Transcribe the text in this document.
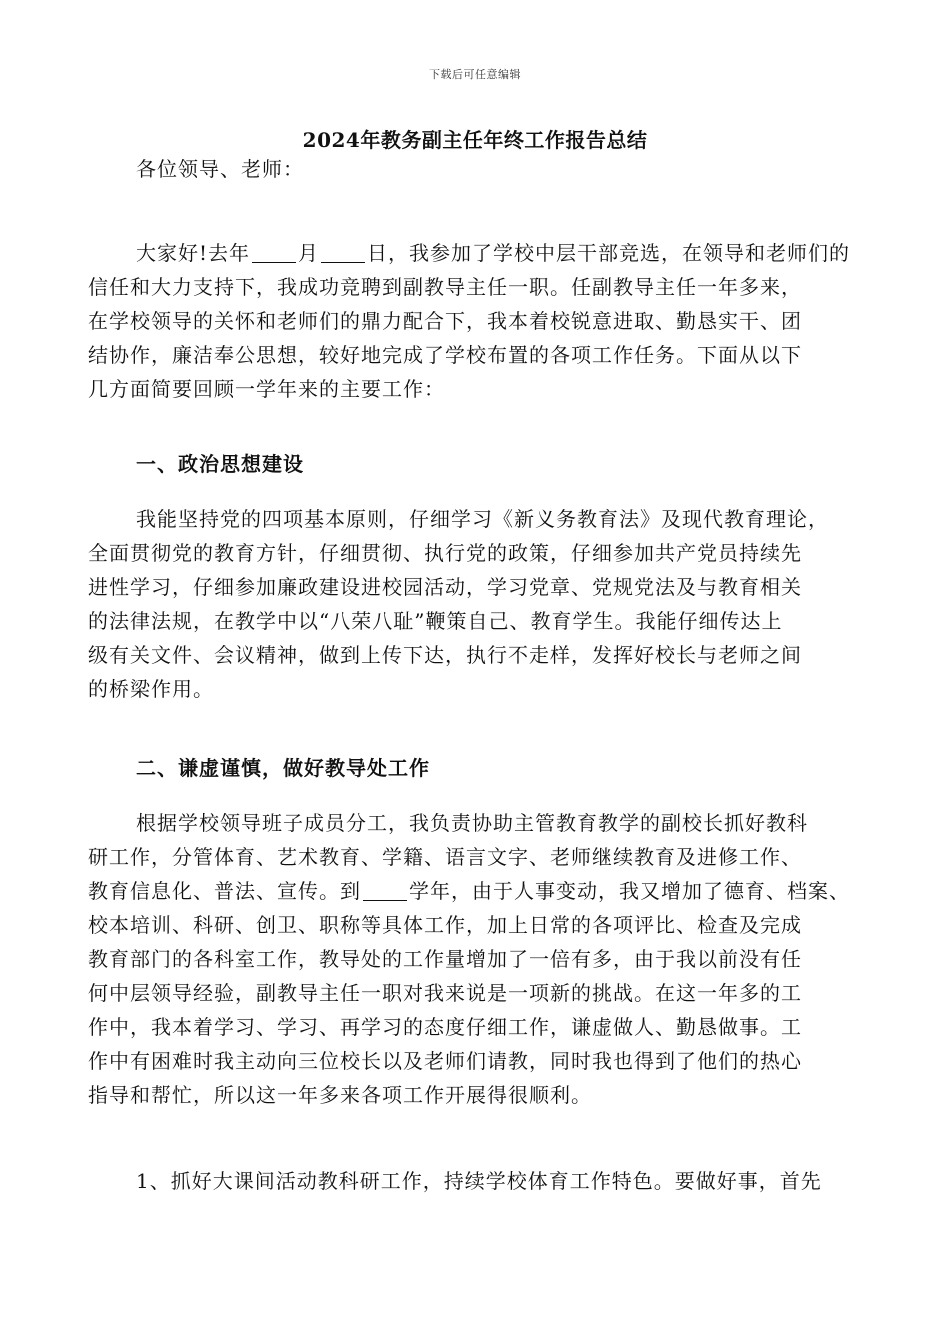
下载后可任意编辑
2024年教务副主任年终工作报告总结
各位领导、老师：
大家好!去年 月 日，我参加了学校中层干部竞选，在领导和老师们的
信任和大力支持下，我成功竞聘到副教导主任一职。任副教导主任一年多来，
在学校领导的关怀和老师们的鼎力配合下，我本着校锐意进取、勤恳实干、团
结协作，廉洁奉公思想，较好地完成了学校布置的各项工作任务。下面从以下
几方面简要回顾一学年来的主要工作：
一、政治思想建设
我能坚持党的四项基本原则，仔细学习《新义务教育法》及现代教育理论，
全面贯彻党的教育方针，仔细贯彻、执行党的政策，仔细参加共产党员持续先
进性学习，仔细参加廉政建设进校园活动，学习党章、党规党法及与教育相关
的法律法规，在教学中以“八荣八耻”鞭策自己、教育学生。我能仔细传达上
级有关文件、会议精神，做到上传下达，执行不走样，发挥好校长与老师之间
的桥梁作用。
二、谦虚谨慎，做好教导处工作
根据学校领导班子成员分工，我负责协助主管教育教学的副校长抓好教科
研工作，分管体育、艺术教育、学籍、语言文字、老师继续教育及进修工作、
教育信息化、普法、宣传。到 学年，由于人事变动，我又增加了德育、档案、
校本培训、科研、创卫、职称等具体工作，加上日常的各项评比、检查及完成
教育部门的各科室工作，教导处的工作量增加了一倍有多，由于我以前没有任
何中层领导经验，副教导主任一职对我来说是一项新的挑战。在这一年多的工
作中，我本着学习、学习、再学习的态度仔细工作，谦虚做人、勤恳做事。工
作中有困难时我主动向三位校长以及老师们请教，同时我也得到了他们的热心
指导和帮忙，所以这一年多来各项工作开展得很顺利。
1、抓好大课间活动教科研工作，持续学校体育工作特色。要做好事，首先
